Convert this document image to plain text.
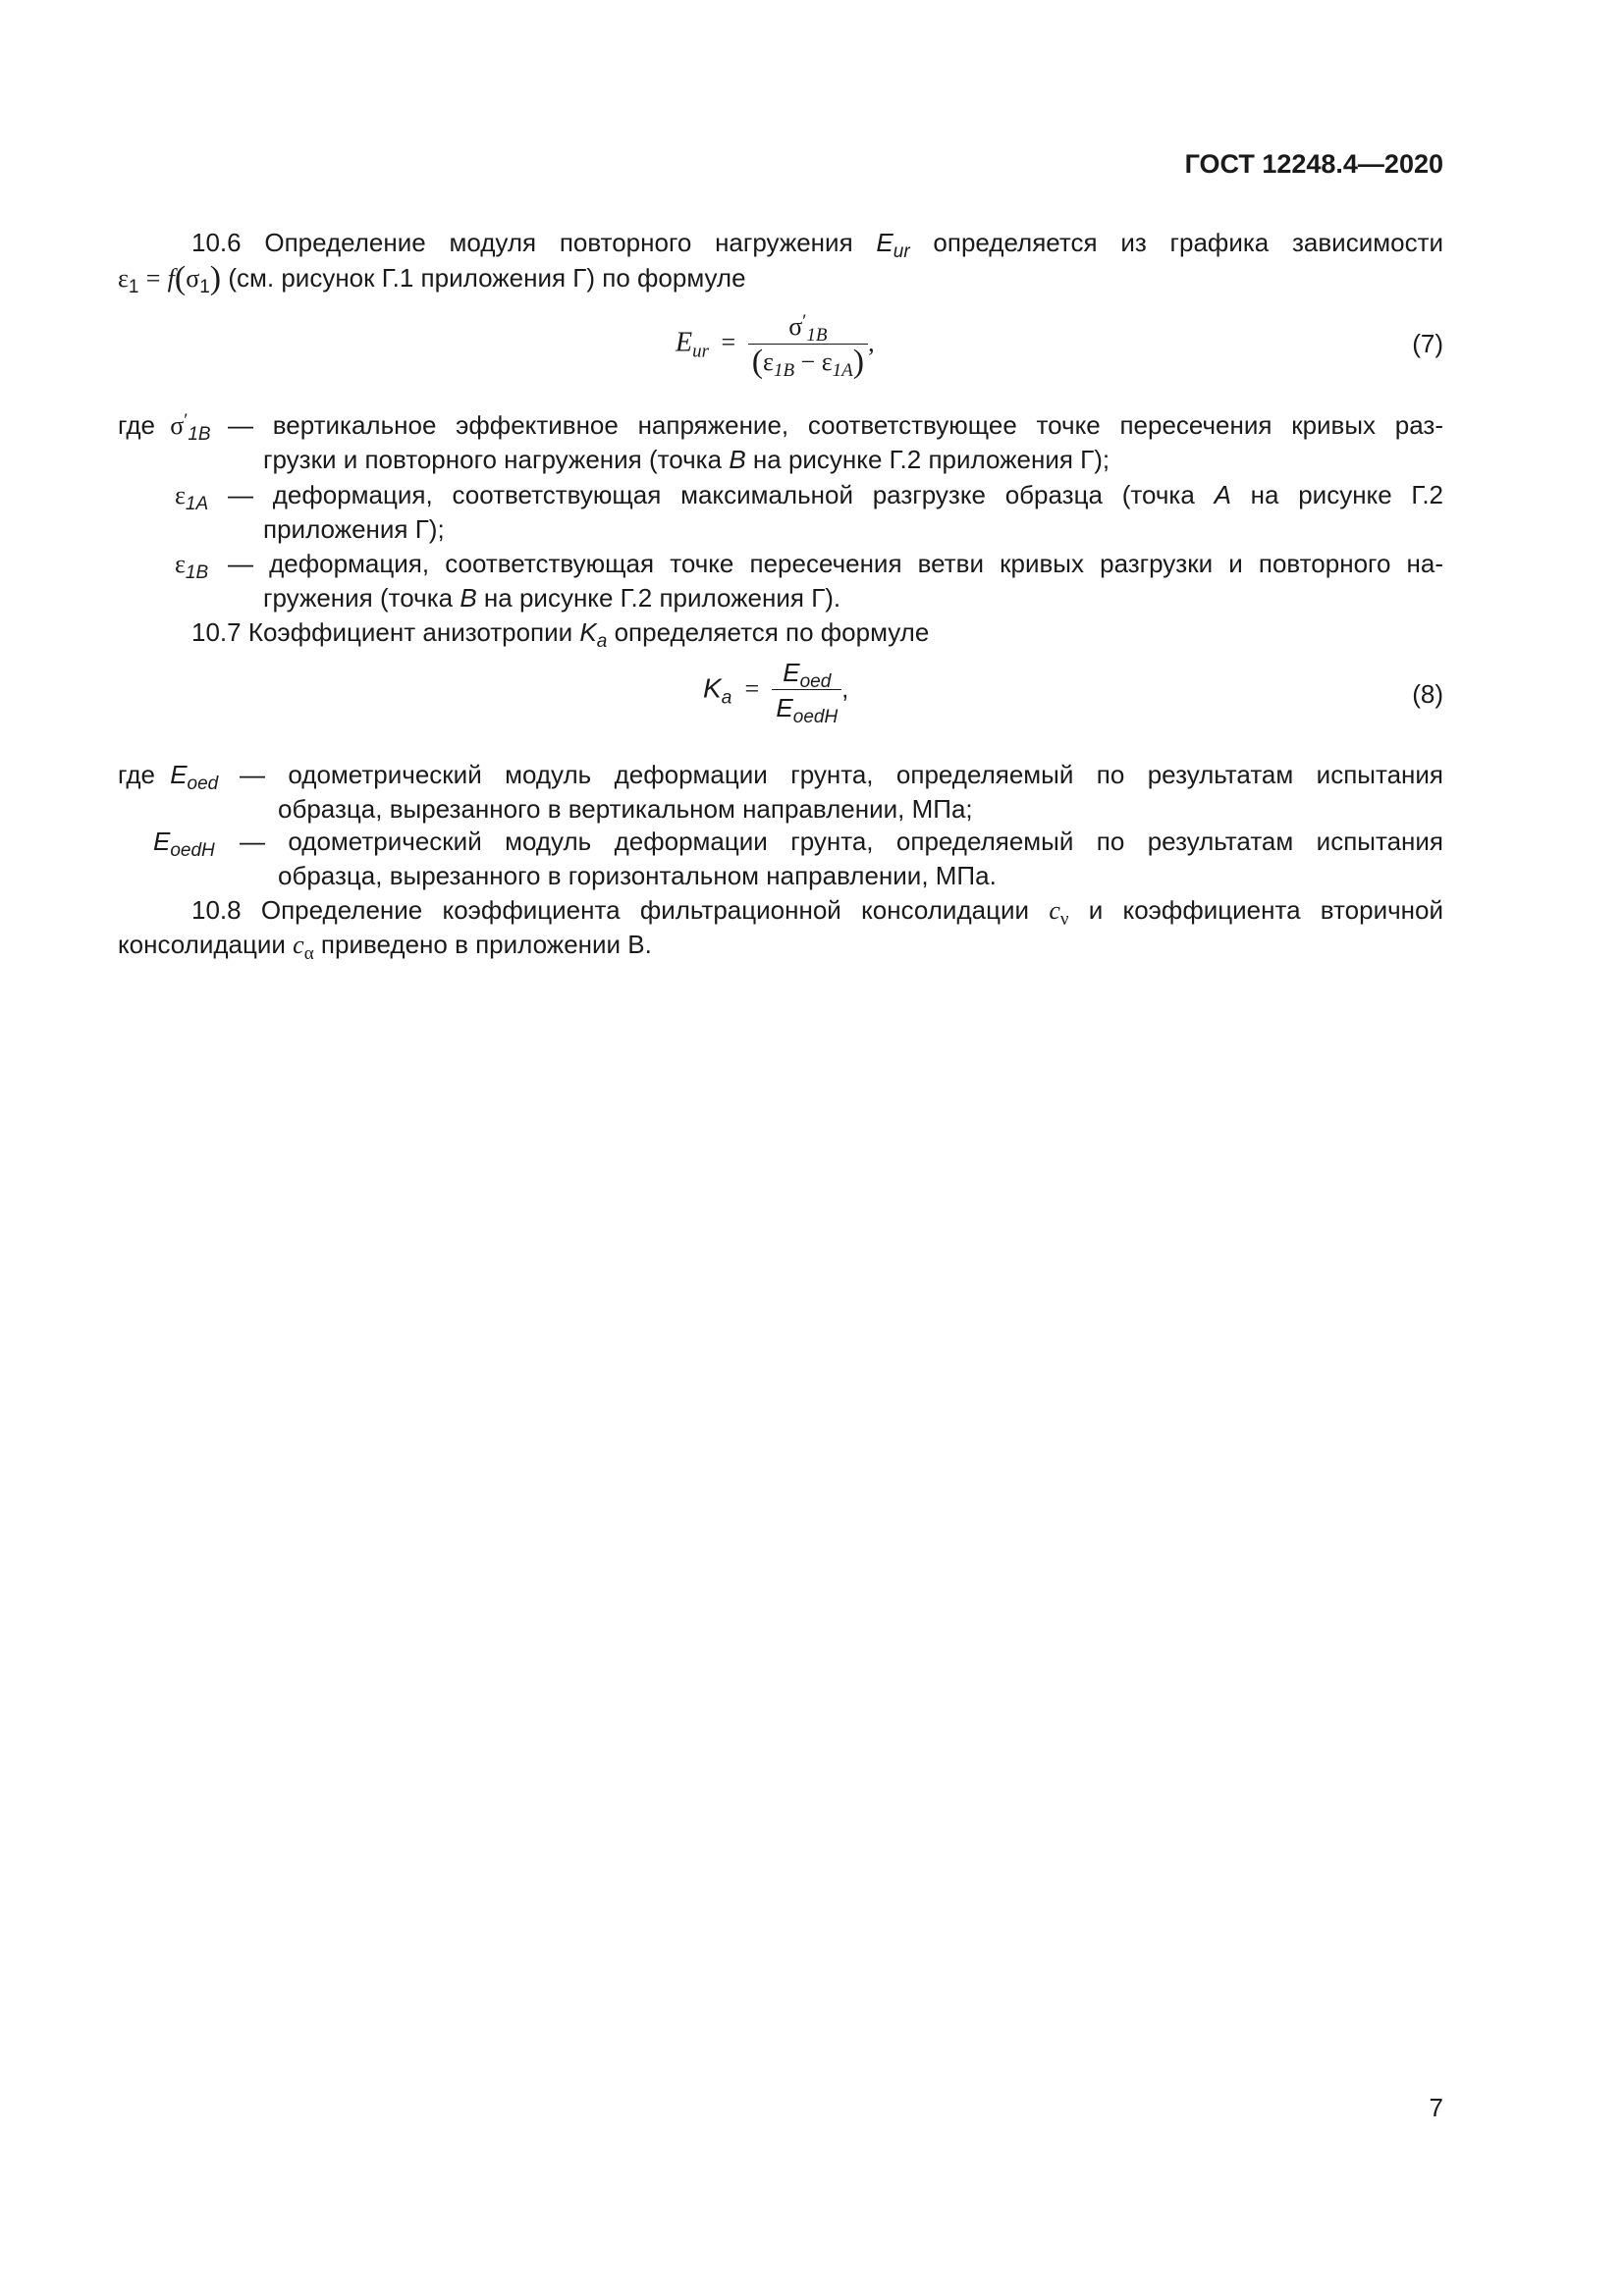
ГОСТ 12248.4—2020
10.6 Определение модуля повторного нагружения $E_{ur}$ определяется из графика зависимости
$\varepsilon_1 = f(\sigma_1)$ (см. рисунок Г.1 приложения Г) по формуле
$E_{ur} = \frac{\sigma'_{1B}}{(\varepsilon_{1B} - \varepsilon_{1A})}$ ,	(7)
где $\sigma'_{1B}$ — вертикальное эффективное напряжение, соответствующее точке пересечения кривых раз-
грузки и повторного нагружения (точка B на рисунке Г.2 приложения Г);
$\varepsilon_{1A}$ — деформация, соответствующая максимальной разгрузке образца (точка A на рисунке Г.2
приложения Г);
$\varepsilon_{1B}$ — деформация, соответствующая точке пересечения ветви кривых разгрузки и повторного на-
гружения (точка B на рисунке Г.2 приложения Г).
10.7 Коэффициент анизотропии $K_a$ определяется по формуле
$K_a = \frac{E_{oed}}{E_{oedH}}$ ,	(8)
где $E_{oed}$ — одометрический модуль деформации грунта, определяемый по результатам испытания
образца, вырезанного в вертикальном направлении, МПа;
$E_{oedH}$ — одометрический модуль деформации грунта, определяемый по результатам испытания
образца, вырезанного в горизонтальном направлении, МПа.
10.8 Определение коэффициента фильтрационной консолидации $c_\nu$ и коэффициента вторичной
консолидации $c_\alpha$ приведено в приложении В.
7
